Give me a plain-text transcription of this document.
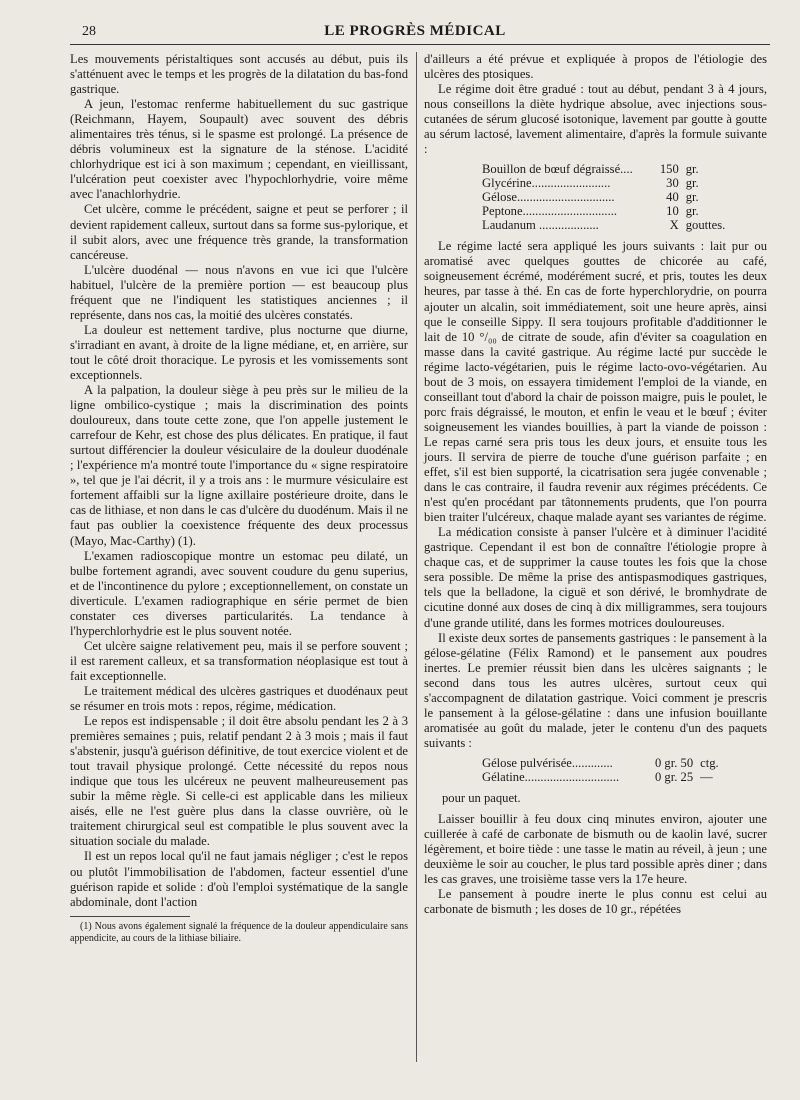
28	LE PROGRÈS MÉDICAL

Les mouvements péristaltiques sont accusés au début, puis ils s'atténuent avec le temps et les progrès de la dilatation du bas-fond gastrique.

A jeun, l'estomac renferme habituellement du suc gastrique (Reichmann, Hayem, Soupault) avec souvent des débris alimentaires très ténus, si le spasme est prolongé. La présence de débris volumineux est la signature de la sténose. L'acidité chlorhydrique est ici à son maximum ; cependant, en vieillissant, l'ulcération peut coexister avec l'hypochlorhydrie, voire même avec l'anachlorhydrie.

Cet ulcère, comme le précédent, saigne et peut se perforer ; il devient rapidement calleux, surtout dans sa forme sus-pylorique, et il subit alors, avec une fréquence très grande, la transformation cancéreuse.

L'ulcère duodénal — nous n'avons en vue ici que l'ulcère habituel, l'ulcère de la première portion — est beaucoup plus fréquent que ne l'indiquent les statistiques anciennes ; il représente, dans nos cas, la moitié des ulcères constatés.

La douleur est nettement tardive, plus nocturne que diurne, s'irradiant en avant, à droite de la ligne médiane, et, en arrière, sur tout le côté droit thoracique. Le pyrosis et les vomissements sont exceptionnels.

A la palpation, la douleur siège à peu près sur le milieu de la ligne ombilico-cystique ; mais la discrimination des points douloureux, dans toute cette zone, que l'on appelle justement le carrefour de Kehr, est chose des plus délicates. En pratique, il faut surtout différencier la douleur vésiculaire de la douleur duodénale ; l'expérience m'a montré toute l'importance du « signe respiratoire », tel que je l'ai décrit, il y a trois ans : le murmure vésiculaire est fortement affaibli sur la ligne axillaire postérieure droite, dans le cas de lithiase, et non dans le cas d'ulcère du duodénum. Mais il ne faut pas oublier la coexistence fréquente des deux processus (Mayo, Mac-Carthy) (1).

L'examen radioscopique montre un estomac peu dilaté, un bulbe fortement agrandi, avec souvent coudure du genu superius, et de l'incontinence du pylore ; exceptionnellement, on constate un diverticule. L'examen radiographique en série permet de bien constater ces diverses particularités. La tendance à l'hyperchlorhydrie est le plus souvent notée.

Cet ulcère saigne relativement peu, mais il se perfore souvent ; il est rarement calleux, et sa transformation néoplasique est tout à fait exceptionnelle.

Le traitement médical des ulcères gastriques et duodénaux peut se résumer en trois mots : repos, régime, médication.

Le repos est indispensable ; il doit être absolu pendant les 2 à 3 premières semaines ; puis, relatif pendant 2 à 3 mois ; mais il faut s'abstenir, jusqu'à guérison définitive, de tout exercice violent et de tout travail physique prolongé. Cette nécessité du repos nous indique que tous les ulcéreux ne peuvent malheureusement pas subir la même règle. Si celle-ci est applicable dans les milieux aisés, elle ne l'est guère plus dans la classe ouvrière, où le traitement chirurgical seul est compatible le plus souvent avec la situation sociale du malade.

Il est un repos local qu'il ne faut jamais négliger ; c'est le repos ou plutôt l'immobilisation de l'abdomen, facteur essentiel d'une guérison rapide et solide : d'où l'emploi systématique de la sangle abdominale, dont l'action

(1) Nous avons également signalé la fréquence de la douleur appendiculaire sans appendicite, au cours de la lithiase biliaire.

d'ailleurs a été prévue et expliquée à propos de l'étiologie des ulcères des ptosiques.

Le régime doit être gradué : tout au début, pendant 3 à 4 jours, nous conseillons la diète hydrique absolue, avec injections sous-cutanées de sérum glucosé isotonique, lavement par goutte à goutte au sérum lactosé, lavement alimentaire, d'après la formule suivante :

Bouillon de bœuf dégraissé....	150	gr.
Glycérine.........................	30	gr.
Gélose...............................	40	gr.
Peptone..............................	10	gr.
Laudanum ...................	X	gouttes.

Le régime lacté sera appliqué les jours suivants : lait pur ou aromatisé avec quelques gouttes de chicorée au café, soigneusement écrémé, modérément sucré, et pris, toutes les deux heures, par tasse à thé. En cas de forte hyperchlorydrie, on pourra ajouter un alcalin, soit immédiatement, soit une heure après, ainsi que le conseille Sippy. Il sera toujours profitable d'additionner le lait de 10 °/₀₀ de citrate de soude, afin d'éviter sa coagulation en masse dans la cavité gastrique. Au régime lacté pur succède le régime lacto-végétarien, puis le régime lacto-ovo-végétarien. Au bout de 3 mois, on essayera timidement l'emploi de la viande, en conseillant tout d'abord la chair de poisson maigre, puis le poulet, le porc frais dégraissé, le mouton, et enfin le veau et le bœuf ; éviter soigneusement les viandes bouillies, à part la viande de poisson : Le repas carné sera pris tous les deux jours, et ensuite tous les jours. Il servira de pierre de touche d'une guérison parfaite ; en effet, s'il est bien supporté, la cicatrisation sera jugée convenable ; dans le cas contraire, il faudra revenir aux régimes précédents. Ce n'est qu'en procédant par tâtonnements prudents, que l'on pourra bien traiter l'ulcéreux, chaque malade ayant ses variantes de régime.

La médication consiste à panser l'ulcère et à diminuer l'acidité gastrique. Cependant il est bon de connaître l'étiologie propre à chaque cas, et de supprimer la cause toutes les fois que la chose sera possible. De même la prise des antispasmodiques gastriques, tels que la belladone, la ciguë et son dérivé, le bromhydrate de cicutine donné aux doses de cinq à dix milligrammes, sera toujours d'une grande utilité, dans les formes motrices douloureuses.

Il existe deux sortes de pansements gastriques : le pansement à la gélose-gélatine (Félix Ramond) et le pansement aux poudres inertes. Le premier réussit bien dans les ulcères saignants ; le second dans tous les autres ulcères, surtout ceux qui s'accompagnent de dilatation gastrique. Voici comment je prescris le pansement à la gélose-gélatine : dans une infusion bouillante aromatisée au goût du malade, jeter le contenu d'un des paquets suivants :

Gélose pulvérisée.............	0 gr. 50	ctg.
Gélatine..............................	0 gr. 25	—

pour un paquet.

Laisser bouillir à feu doux cinq minutes environ, ajouter une cuillerée à café de carbonate de bismuth ou de kaolin lavé, sucrer légèrement, et boire tiède : une tasse le matin au réveil, à jeun ; une deuxième le soir au coucher, le plus tard possible après diner ; dans les cas graves, une troisième tasse vers la 17e heure.

Le pansement à poudre inerte le plus connu est celui au carbonate de bismuth ; les doses de 10 gr., répétées
